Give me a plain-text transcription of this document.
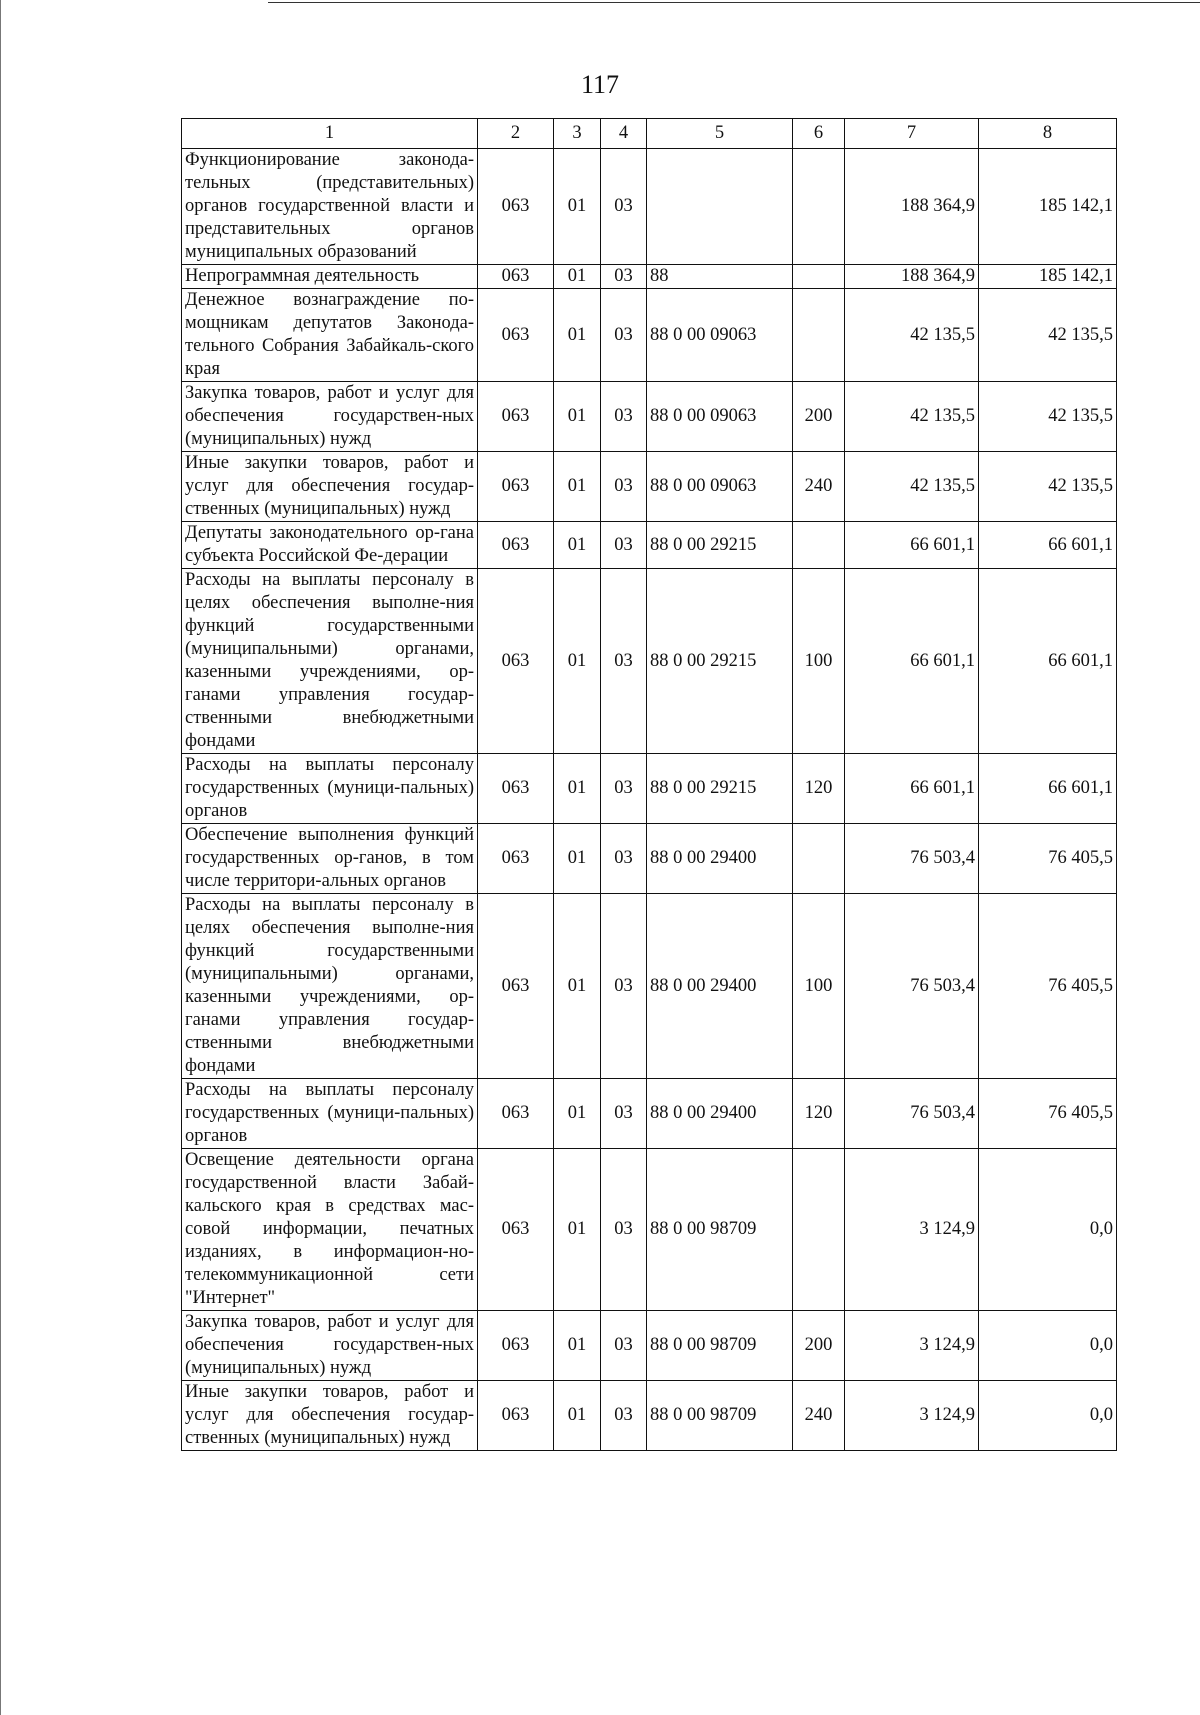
117
1	2	3	4	5	6	7	8
Функционирование законода-тельных (представительных) органов государственной власти и представительных органов муниципальных образований	063	01	03			188 364,9	185 142,1
Непрограммная деятельность	063	01	03	88		188 364,9	185 142,1
Денежное вознаграждение по-мощникам депутатов Законода-тельного Собрания Забайкаль-ского края	063	01	03	88 0 00 09063		42 135,5	42 135,5
Закупка товаров, работ и услуг для обеспечения государствен-ных (муниципальных) нужд	063	01	03	88 0 00 09063	200	42 135,5	42 135,5
Иные закупки товаров, работ и услуг для обеспечения государ-ственных (муниципальных) нужд	063	01	03	88 0 00 09063	240	42 135,5	42 135,5
Депутаты законодательного ор-гана субъекта Российской Фе-дерации	063	01	03	88 0 00 29215		66 601,1	66 601,1
Расходы на выплаты персоналу в целях обеспечения выполне-ния функций государственными (муниципальными) органами, казенными учреждениями, ор-ганами управления государ-ственными внебюджетными фондами	063	01	03	88 0 00 29215	100	66 601,1	66 601,1
Расходы на выплаты персоналу государственных (муници-пальных) органов	063	01	03	88 0 00 29215	120	66 601,1	66 601,1
Обеспечение выполнения функций государственных ор-ганов, в том числе территори-альных органов	063	01	03	88 0 00 29400		76 503,4	76 405,5
Расходы на выплаты персоналу в целях обеспечения выполне-ния функций государственными (муниципальными) органами, казенными учреждениями, ор-ганами управления государ-ственными внебюджетными фондами	063	01	03	88 0 00 29400	100	76 503,4	76 405,5
Расходы на выплаты персоналу государственных (муници-пальных) органов	063	01	03	88 0 00 29400	120	76 503,4	76 405,5
Освещение деятельности органа государственной власти Забай-кальского края в средствах мас-совой информации, печатных изданиях, в информацион-но-телекоммуникационной сети "Интернет"	063	01	03	88 0 00 98709		3 124,9	0,0
Закупка товаров, работ и услуг для обеспечения государствен-ных (муниципальных) нужд	063	01	03	88 0 00 98709	200	3 124,9	0,0
Иные закупки товаров, работ и услуг для обеспечения государ-ственных (муниципальных) нужд	063	01	03	88 0 00 98709	240	3 124,9	0,0
